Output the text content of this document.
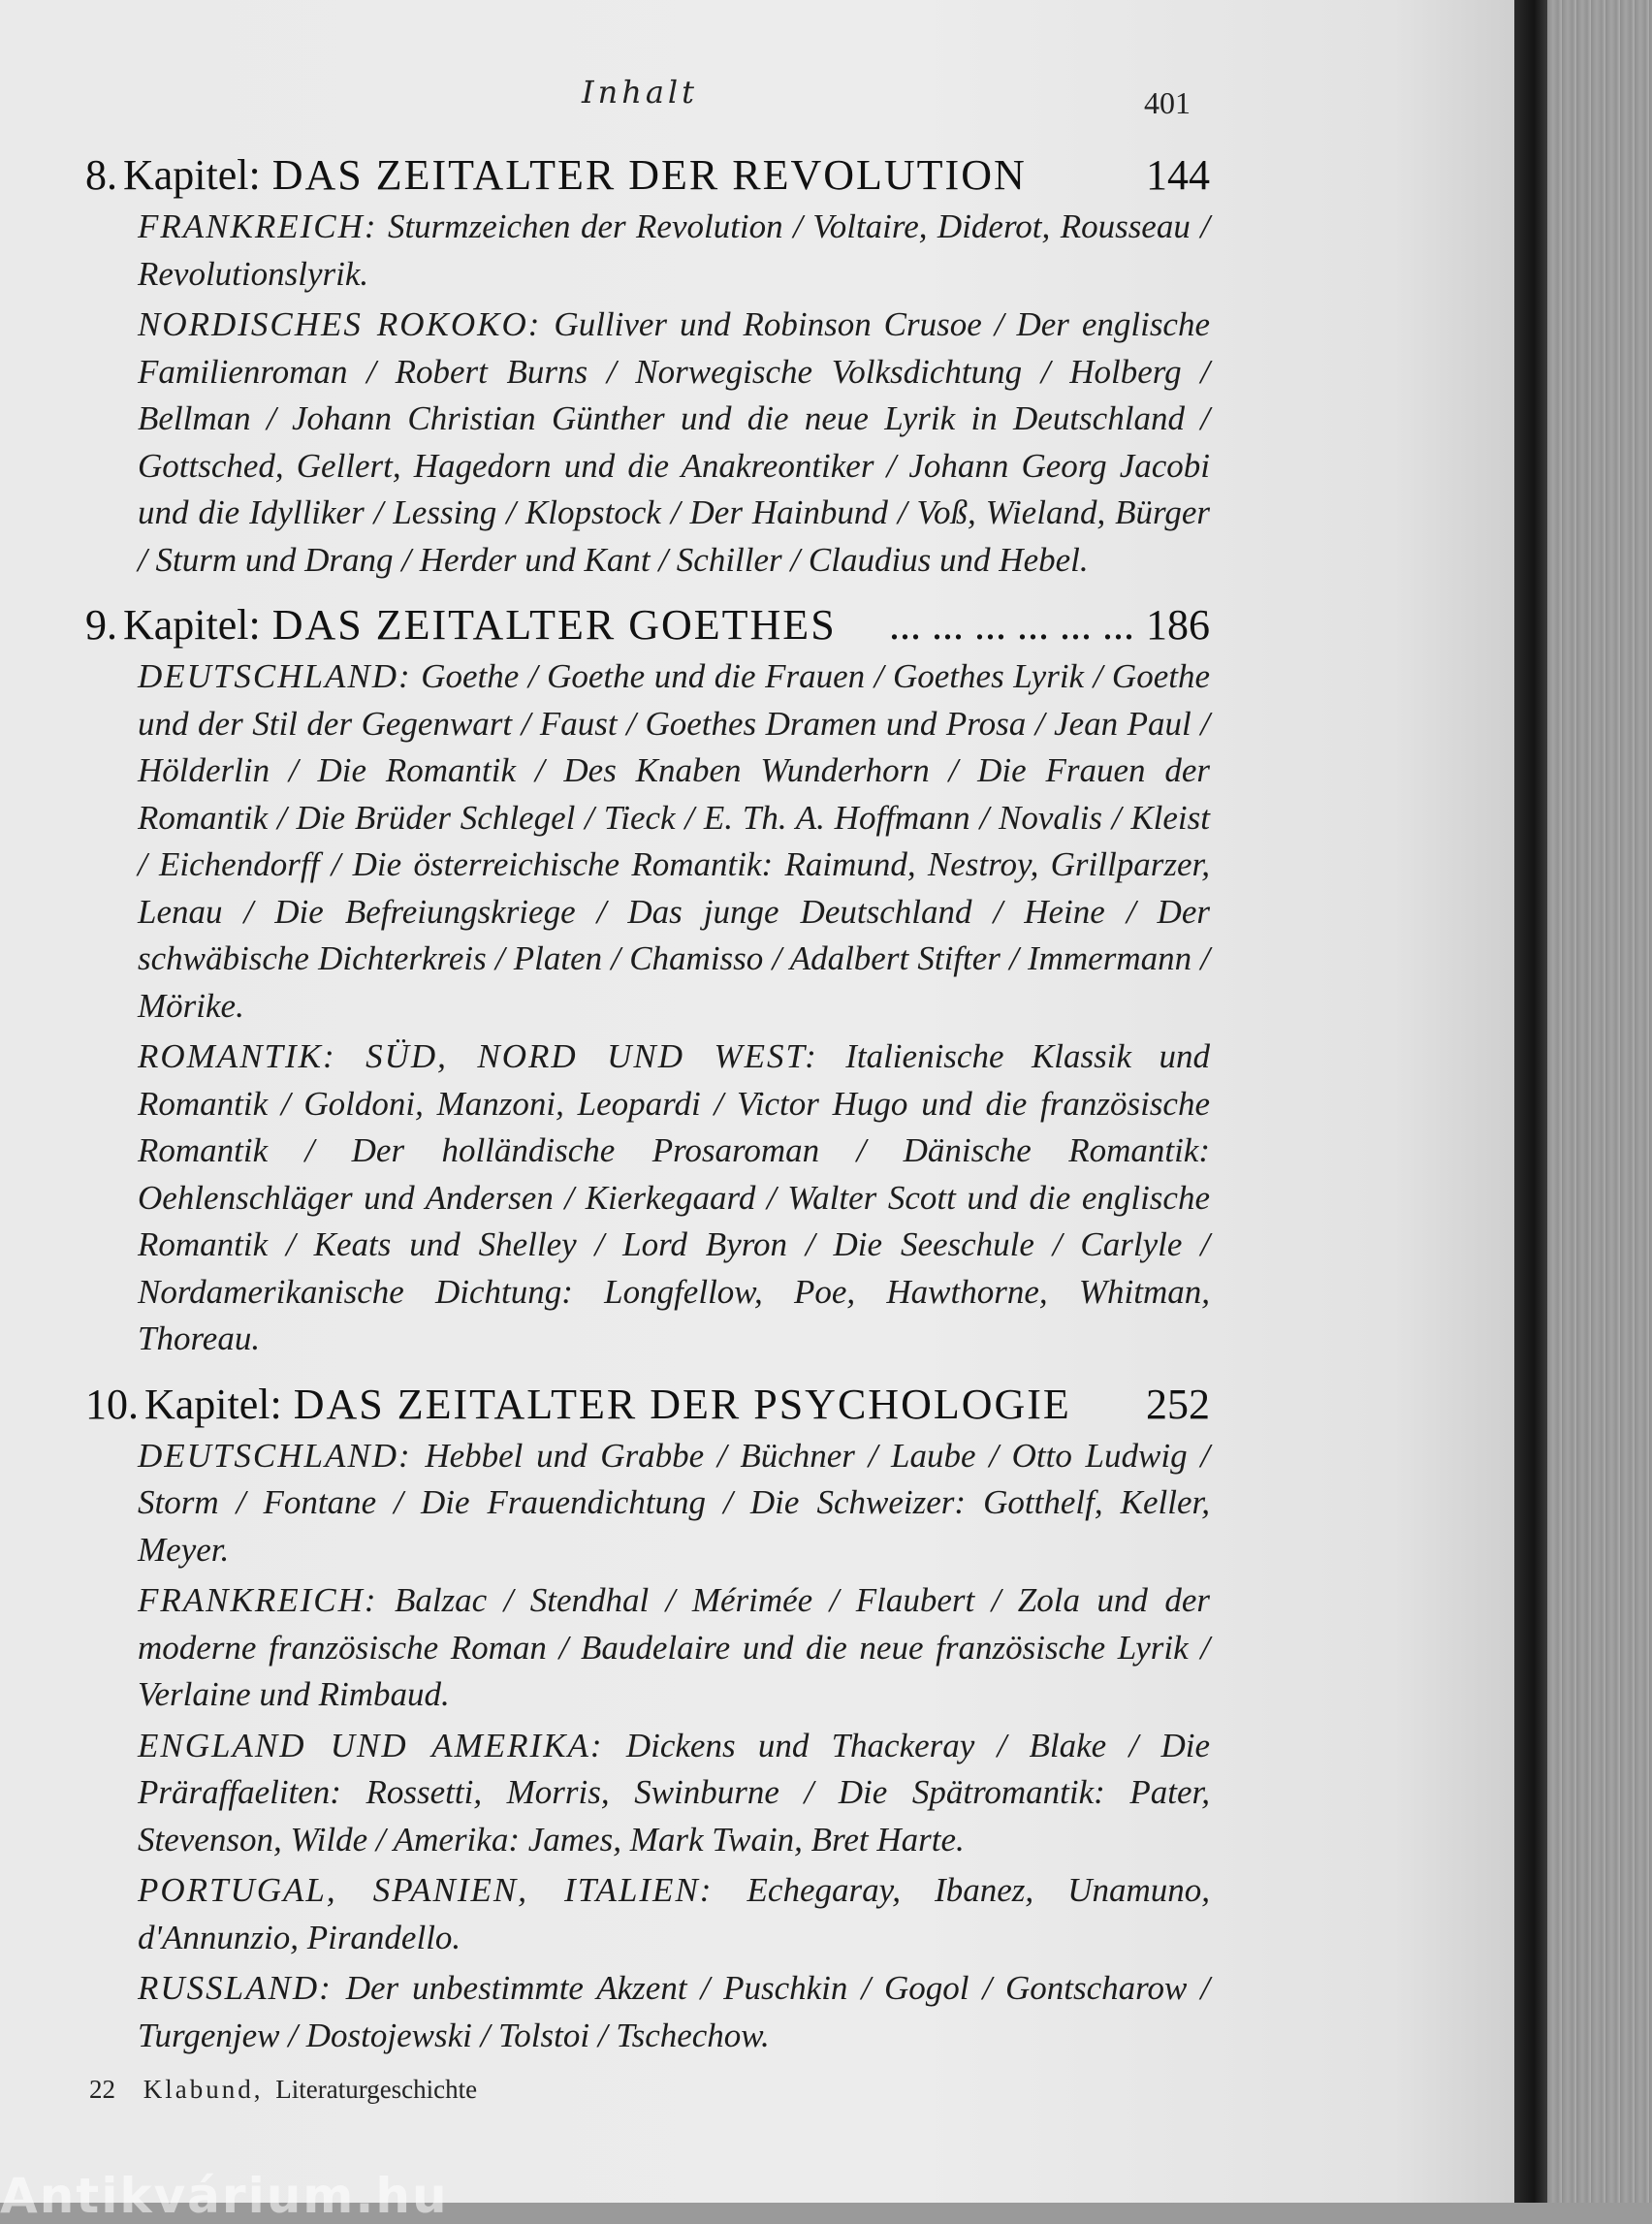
Inhalt	401
8. Kapitel: DAS ZEITALTER DER REVOLUTION	144
FRANKREICH: Sturmzeichen der Revolution / Voltaire, Diderot, Rousseau / Revolutionslyrik.
NORDISCHES ROKOKO: Gulliver und Robinson Crusoe / Der englische Familienroman / Robert Burns / Norwegische Volksdichtung / Holberg / Bellman / Johann Christian Günther und die neue Lyrik in Deutschland / Gottsched, Gellert, Hagedorn und die Anakreontiker / Johann Georg Jacobi und die Idylliker / Lessing / Klopstock / Der Hainbund / Voß, Wieland, Bürger / Sturm und Drang / Herder und Kant / Schiller / Claudius und Hebel.
9. Kapitel: DAS ZEITALTER GOETHES	... ... ... ... ... ... 186
DEUTSCHLAND: Goethe / Goethe und die Frauen / Goethes Lyrik / Goethe und der Stil der Gegenwart / Faust / Goethes Dramen und Prosa / Jean Paul / Hölderlin / Die Romantik / Des Knaben Wunderhorn / Die Frauen der Romantik / Die Brüder Schlegel / Tieck / E. Th. A. Hoffmann / Novalis / Kleist / Eichendorff / Die österreichische Romantik: Raimund, Nestroy, Grillparzer, Lenau / Die Befreiungskriege / Das junge Deutschland / Heine / Der schwäbische Dichterkreis / Platen / Chamisso / Adalbert Stifter / Immermann / Mörike.
ROMANTIK: SÜD, NORD UND WEST: Italienische Klassik und Romantik / Goldoni, Manzoni, Leopardi / Victor Hugo und die französische Romantik / Der holländische Prosaroman / Dänische Romantik: Oehlenschläger und Andersen / Kierkegaard / Walter Scott und die englische Romantik / Keats und Shelley / Lord Byron / Die Seeschule / Carlyle / Nordamerikanische Dichtung: Longfellow, Poe, Hawthorne, Whitman, Thoreau.
10. Kapitel: DAS ZEITALTER DER PSYCHOLOGIE 252
DEUTSCHLAND: Hebbel und Grabbe / Büchner / Laube / Otto Ludwig / Storm / Fontane / Die Frauendichtung / Die Schweizer: Gotthelf, Keller, Meyer.
FRANKREICH: Balzac / Stendhal / Mérimée / Flaubert / Zola und der moderne französische Roman / Baudelaire und die neue französische Lyrik / Verlaine und Rimbaud.
ENGLAND UND AMERIKA: Dickens und Thackeray / Blake / Die Präraffaeliten: Rossetti, Morris, Swinburne / Die Spätromantik: Pater, Stevenson, Wilde / Amerika: James, Mark Twain, Bret Harte.
PORTUGAL, SPANIEN, ITALIEN: Echegaray, Ibanez, Unamuno, d'Annunzio, Pirandello.
RUSSLAND: Der unbestimmte Akzent / Puschkin / Gogol / Gontscharow / Turgenjew / Dostojewski / Tolstoi / Tschechow.
22 Klabund, Literaturgeschichte
Antikvárium.hu
